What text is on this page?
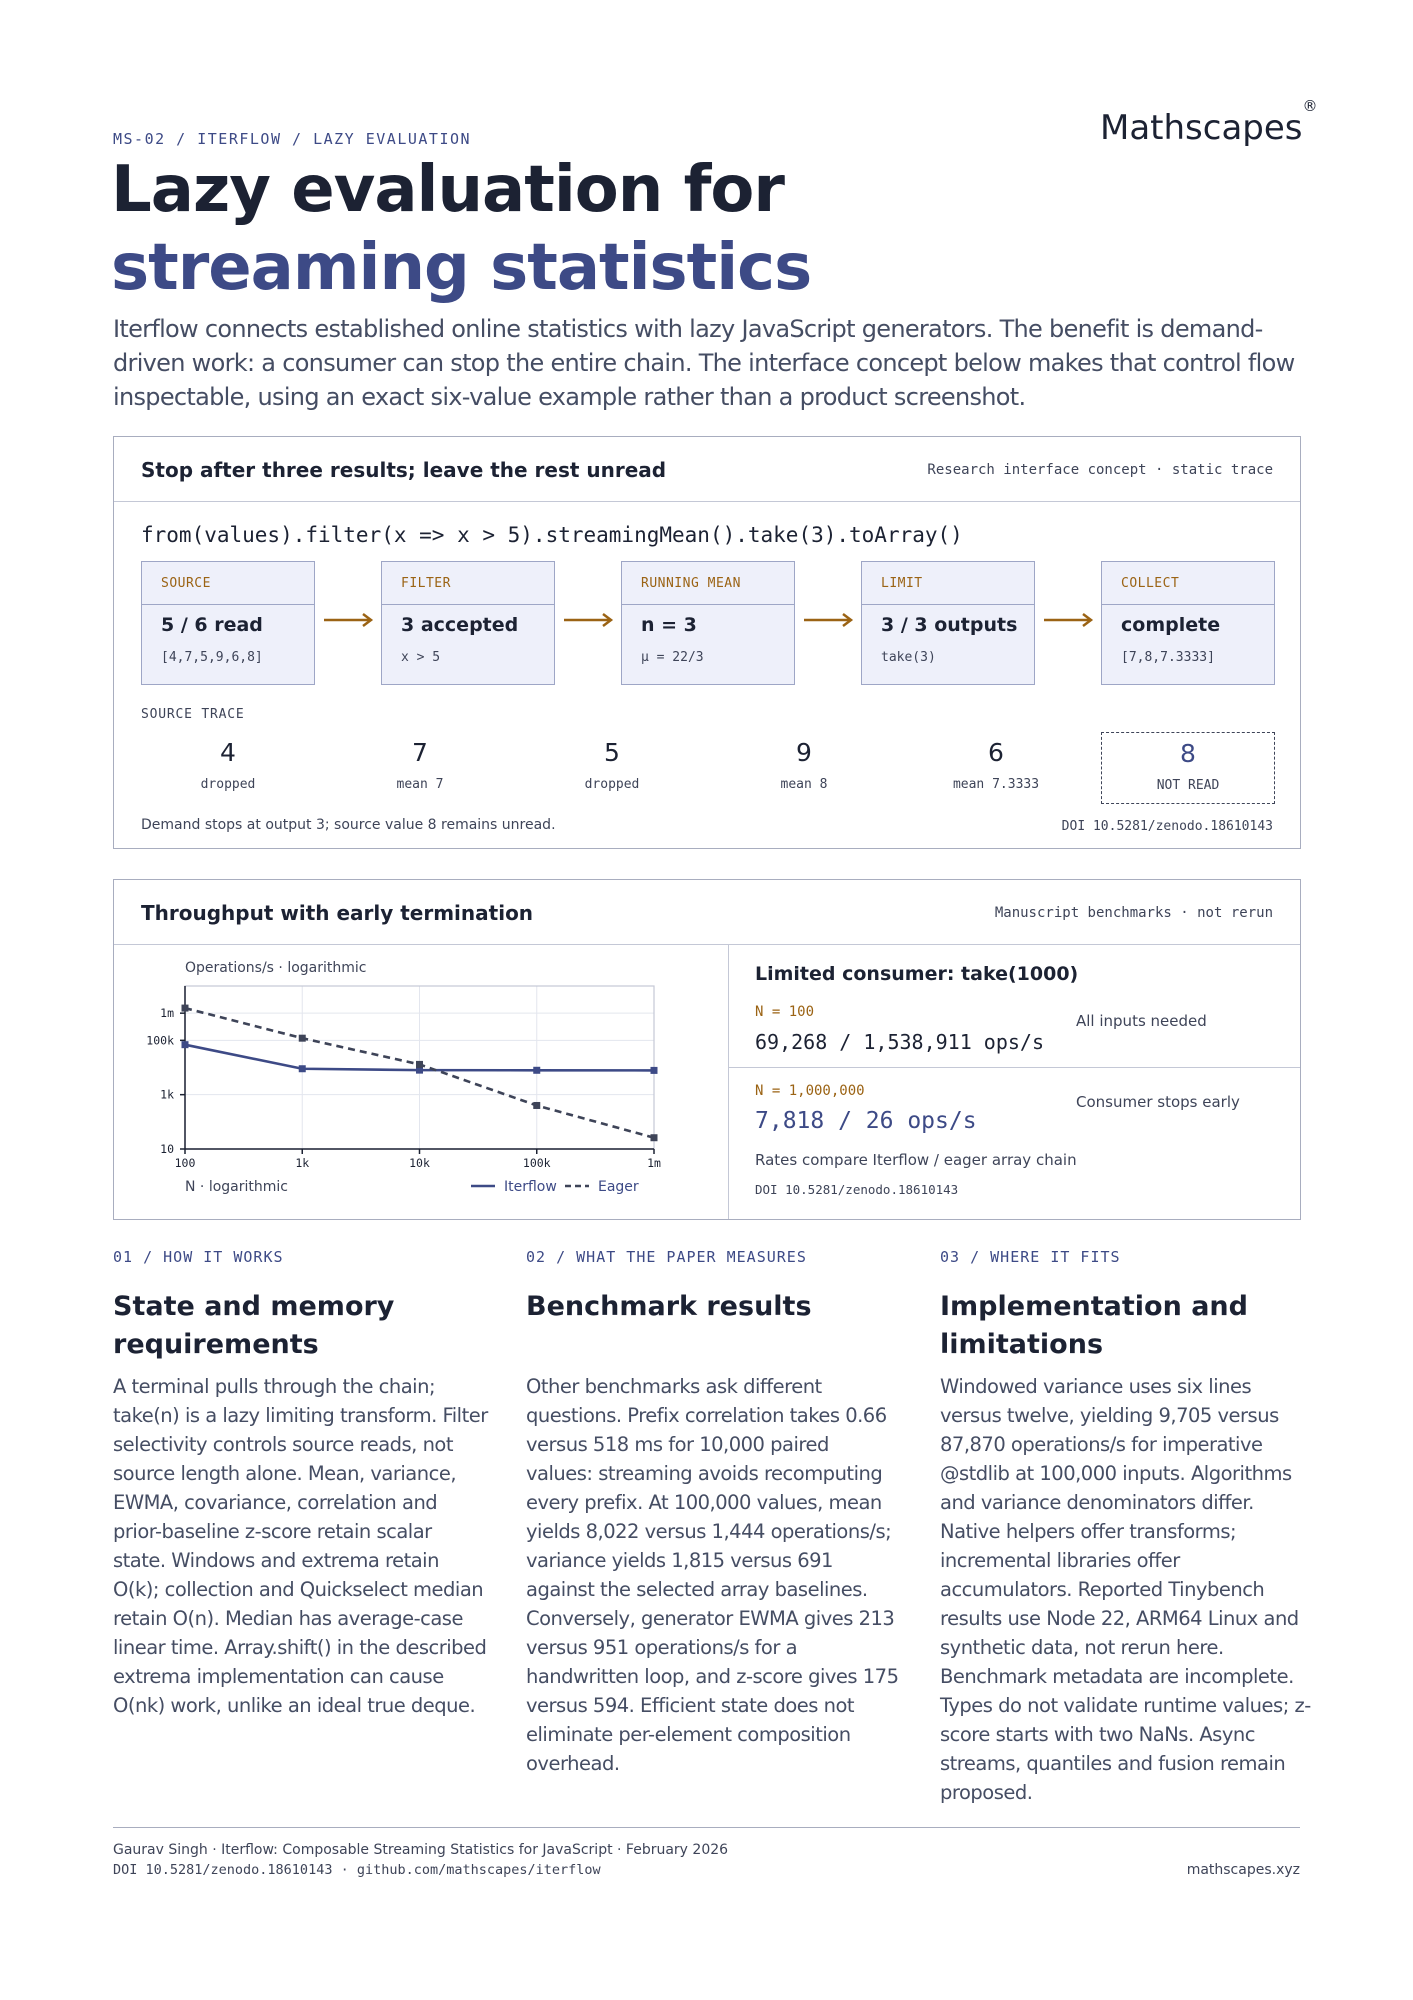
MS-02 / ITERFLOW / LAZY EVALUATION	Mathscapes®
Lazy evaluation for
streaming statistics
Iterflow connects established online statistics with lazy JavaScript generators. The benefit is demand-driven work: a consumer can stop the entire chain. The interface concept below makes that control flow inspectable, using an exact six-value example rather than a product screenshot.
Stop after three results; leave the rest unread	Research interface concept · static trace
from(values).filter(x => x > 5).streamingMean().take(3).toArray()
SOURCE
5 / 6 read
[4,7,5,9,6,8]
FILTER
3 accepted
x > 5
RUNNING MEAN
n = 3
μ = 22/3
LIMIT
3 / 3 outputs
take(3)
COLLECT
complete
[7,8,7.3333]
SOURCE TRACE
4
dropped
7
mean 7
5
dropped
9
mean 8
6
mean 7.3333
8
NOT READ
Demand stops at output 3; source value 8 remains unread.	DOI 10.5281/zenodo.18610143
Throughput with early termination	Manuscript benchmarks · not rerun
Operations/s · logarithmic
10
1k
100k
1m
100	1k	10k	100k	1m
N · logarithmic	Iterflow	Eager
Limited consumer: take(1000)
N = 100
69,268 / 1,538,911 ops/s
All inputs needed
N = 1,000,000
7,818 / 26 ops/s
Consumer stops early
Rates compare Iterflow / eager array chain
DOI 10.5281/zenodo.18610143
01 / HOW IT WORKS
State and memory requirements
A terminal pulls through the chain; take(n) is a lazy limiting transform. Filter selectivity controls source reads, not source length alone. Mean, variance, EWMA, covariance, correlation and prior-baseline z-score retain scalar state. Windows and extrema retain O(k); collection and Quickselect median retain O(n). Median has average-case linear time. Array.shift() in the described extrema implementation can cause O(nk) work, unlike an ideal true deque.
02 / WHAT THE PAPER MEASURES
Benchmark results
Other benchmarks ask different questions. Prefix correlation takes 0.66 versus 518 ms for 10,000 paired values: streaming avoids recomputing every prefix. At 100,000 values, mean yields 8,022 versus 1,444 operations/s; variance yields 1,815 versus 691 against the selected array baselines. Conversely, generator EWMA gives 213 versus 951 operations/s for a handwritten loop, and z-score gives 175 versus 594. Efficient state does not eliminate per-element composition overhead.
03 / WHERE IT FITS
Implementation and limitations
Windowed variance uses six lines versus twelve, yielding 9,705 versus 87,870 operations/s for imperative @stdlib at 100,000 inputs. Algorithms and variance denominators differ. Native helpers offer transforms; incremental libraries offer accumulators. Reported Tinybench results use Node 22, ARM64 Linux and synthetic data, not rerun here. Benchmark metadata are incomplete. Types do not validate runtime values; z-score starts with two NaNs. Async streams, quantiles and fusion remain proposed.
Gaurav Singh · Iterflow: Composable Streaming Statistics for JavaScript · February 2026
DOI 10.5281/zenodo.18610143 · github.com/mathscapes/iterflow	mathscapes.xyz
